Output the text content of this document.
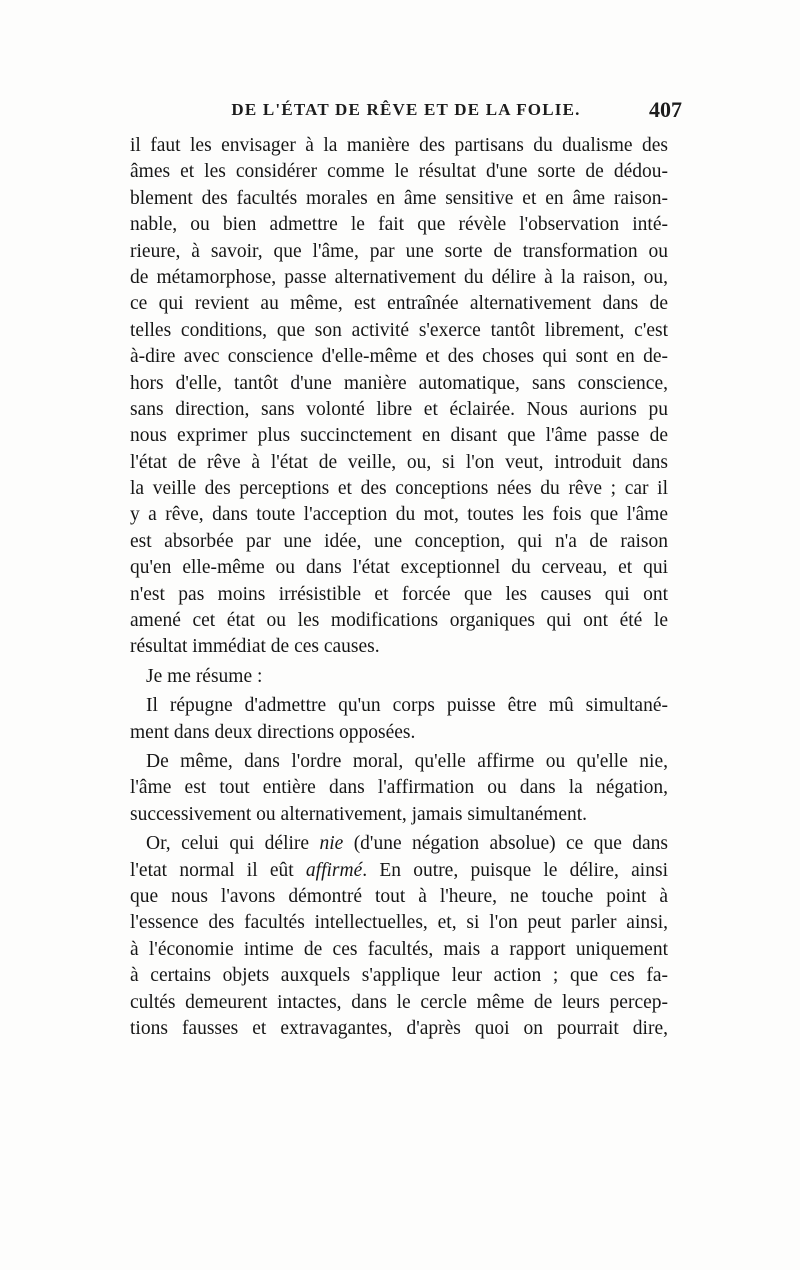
DE L'ÉTAT DE RÊVE ET DE LA FOLIE.	407
il faut les envisager à la manière des partisans du dualisme des
âmes et les considérer comme le résultat d'une sorte de dédou-
blement des facultés morales en âme sensitive et en âme raison-
nable, ou bien admettre le fait que révèle l'observation inté-
rieure, à savoir, que l'âme, par une sorte de transformation ou
de métamorphose, passe alternativement du délire à la raison, ou,
ce qui revient au même, est entraînée alternativement dans de
telles conditions, que son activité s'exerce tantôt librement, c'est
à-dire avec conscience d'elle-même et des choses qui sont en de-
hors d'elle, tantôt d'une manière automatique, sans conscience,
sans direction, sans volonté libre et éclairée. Nous aurions pu
nous exprimer plus succinctement en disant que l'âme passe de
l'état de rêve à l'état de veille, ou, si l'on veut, introduit dans
la veille des perceptions et des conceptions nées du rêve ; car il
y a rêve, dans toute l'acception du mot, toutes les fois que l'âme
est absorbée par une idée, une conception, qui n'a de raison
qu'en elle-même ou dans l'état exceptionnel du cerveau, et qui
n'est pas moins irrésistible et forcée que les causes qui ont
amené cet état ou les modifications organiques qui ont été le
résultat immédiat de ces causes.
Je me résume :
Il répugne d'admettre qu'un corps puisse être mû simultané-
ment dans deux directions opposées.
De même, dans l'ordre moral, qu'elle affirme ou qu'elle nie,
l'âme est tout entière dans l'affirmation ou dans la négation,
successivement ou alternativement, jamais simultanément.
Or, celui qui délire nie (d'une négation absolue) ce que dans
l'etat normal il eût affirmé. En outre, puisque le délire, ainsi
que nous l'avons démontré tout à l'heure, ne touche point à
l'essence des facultés intellectuelles, et, si l'on peut parler ainsi,
à l'économie intime de ces facultés, mais a rapport uniquement
à certains objets auxquels s'applique leur action ; que ces fa-
cultés demeurent intactes, dans le cercle même de leurs percep-
tions fausses et extravagantes, d'après quoi on pourrait dire,
